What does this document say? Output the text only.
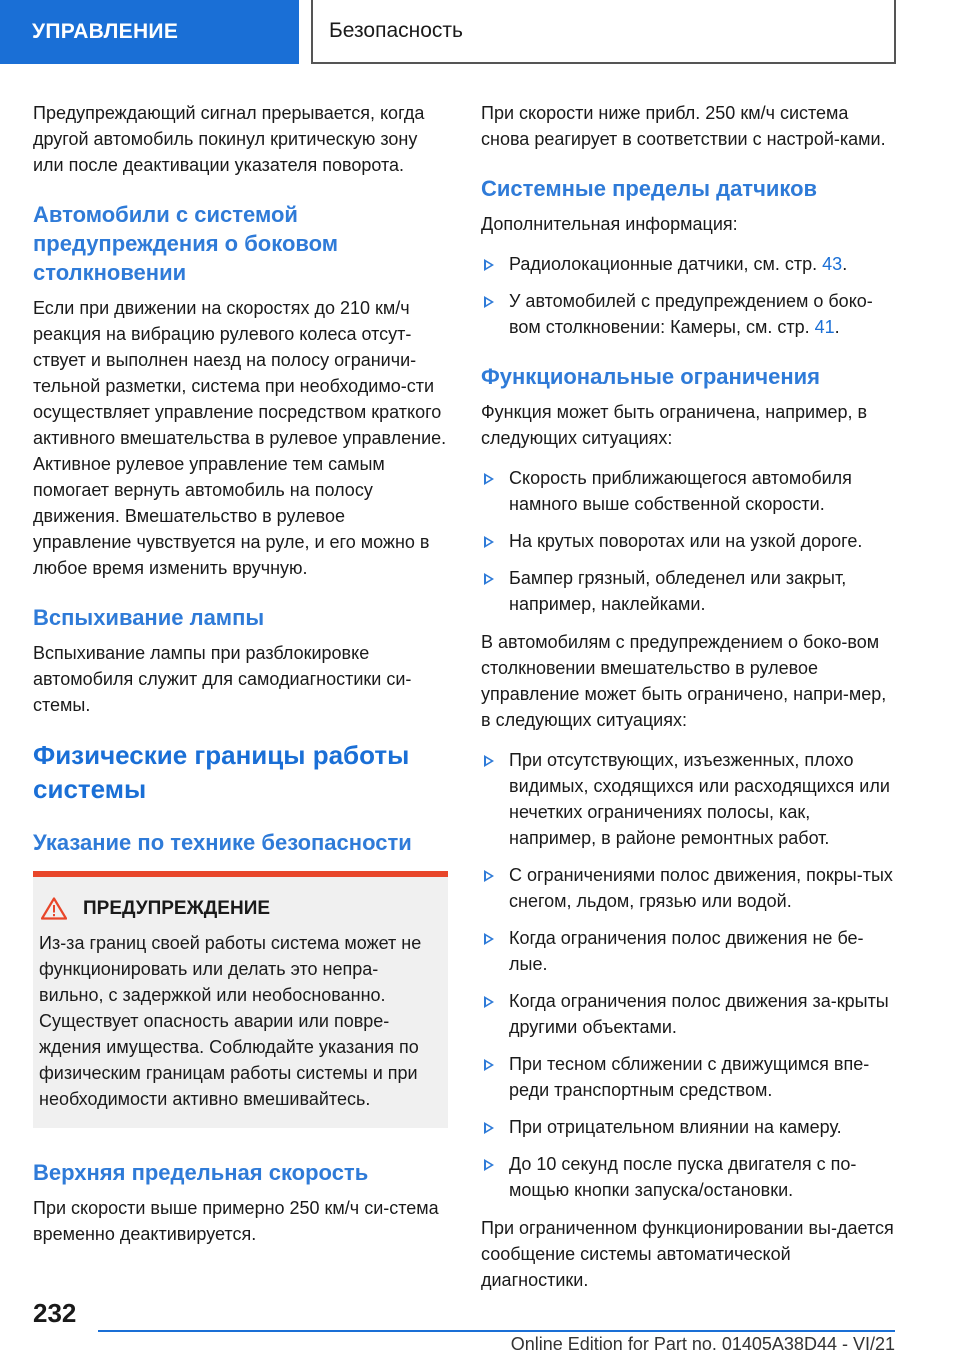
УПРАВЛЕНИЕ	Безопасность

Предупреждающий сигнал прерывается, когда другой автомобиль покинул критическую зону или после деактивации указателя поворота.

Автомобили с системой предупреждения о боковом столкновении

Если при движении на скоростях до 210 км/ч реакция на вибрацию рулевого колеса отсут-ствует и выполнен наезд на полосу ограничи-тельной разметки, система при необходимо-сти осуществляет управление посредством краткого активного вмешательства в рулевое управление. Активное рулевое управление тем самым помогает вернуть автомобиль на полосу движения. Вмешательство в рулевое управление чувствуется на руле, и его можно в любое время изменить вручную.

Вспыхивание лампы

Вспыхивание лампы при разблокировке автомобиля служит для самодиагностики си-стемы.

Физические границы работы системы
Указание по технике безопасности
ПРЕДУПРЕЖДЕНИЕ

Из-за границ своей работы система может не функционировать или делать это непра-вильно, с задержкой или необоснованно. Существует опасность аварии или повре-ждения имущества. Соблюдайте указания по физическим границам работы системы и при необходимости активно вмешивайтесь.

Верхняя предельная скорость

При скорости выше примерно 250 км/ч си-стема временно деактивируется.

При скорости ниже прибл. 250 км/ч система снова реагирует в соответствии с настрой-ками.

Системные пределы датчиков

Дополнительная информация:

Радиолокационные датчики, см. стр. 43.
У автомобилей с предупреждением о боко-вом столкновении: Камеры, см. стр. 41.
Функциональные ограничения

Функция может быть ограничена, например, в следующих ситуациях:

Скорость приближающегося автомобиля намного выше собственной скорости.
На крутых поворотах или на узкой дороге.
Бампер грязный, обледенел или закрыт, например, наклейками.

В автомобилям с предупреждением о боко-вом столкновении вмешательство в рулевое управление может быть ограничено, напри-мер, в следующих ситуациях:

При отсутствующих, изъезженных, плохо видимых, сходящихся или расходящихся или нечетких ограничениях полосы, как, например, в районе ремонтных работ.
С ограничениями полос движения, покры-тых снегом, льдом, грязью или водой.
Когда ограничения полос движения не бе-лые.
Когда ограничения полос движения за-крыты другими объектами.
При тесном сближении с движущимся впе-реди транспортным средством.
При отрицательном влиянии на камеру.
До 10 секунд после пуска двигателя с по-мощью кнопки запуска/остановки.

При ограниченном функционировании вы-дается сообщение системы автоматической диагностики.

232
Online Edition for Part no. 01405A38D44 - VI/21
